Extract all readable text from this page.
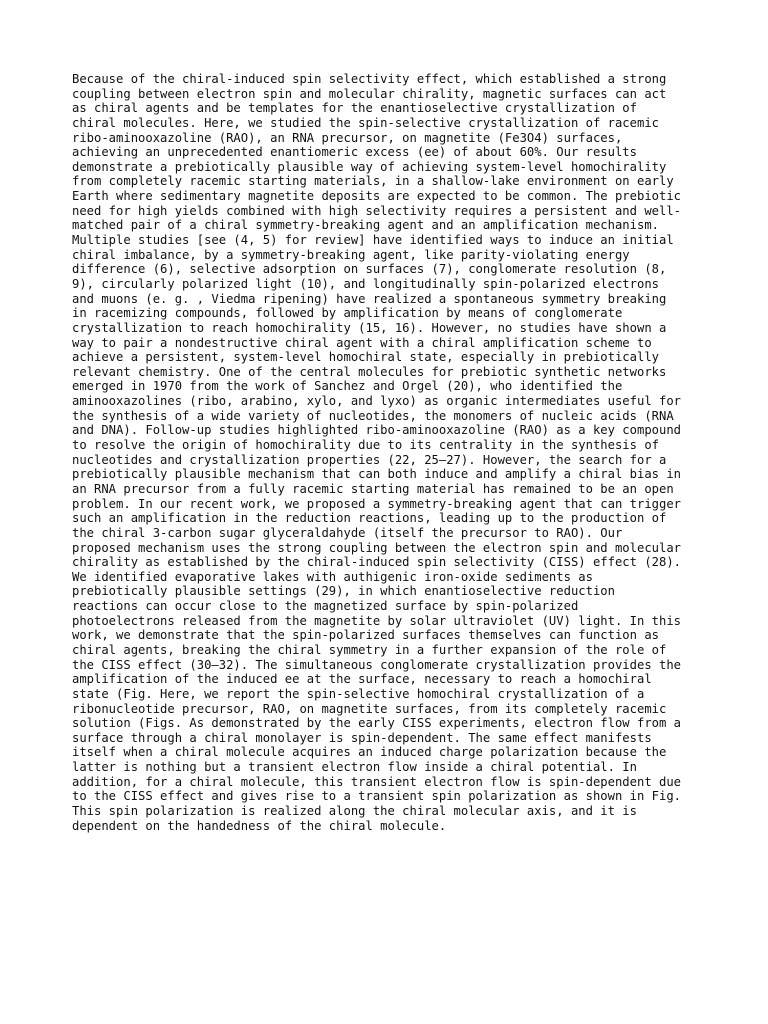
Because of the chiral-induced spin selectivity effect, which established a strong
coupling between electron spin and molecular chirality, magnetic surfaces can act
as chiral agents and be templates for the enantioselective crystallization of
chiral molecules. Here, we studied the spin-selective crystallization of racemic
ribo-aminooxazoline (RAO), an RNA precursor, on magnetite (Fe3O4) surfaces,
achieving an unprecedented enantiomeric excess (ee) of about 60%. Our results
demonstrate a prebiotically plausible way of achieving system-level homochirality
from completely racemic starting materials, in a shallow-lake environment on early
Earth where sedimentary magnetite deposits are expected to be common. The prebiotic
need for high yields combined with high selectivity requires a persistent and well-
matched pair of a chiral symmetry-breaking agent and an amplification mechanism.
Multiple studies [see (4, 5) for review] have identified ways to induce an initial
chiral imbalance, by a symmetry-breaking agent, like parity-violating energy
difference (6), selective adsorption on surfaces (7), conglomerate resolution (8,
9), circularly polarized light (10), and longitudinally spin-polarized electrons
and muons (e. g. , Viedma ripening) have realized a spontaneous symmetry breaking
in racemizing compounds, followed by amplification by means of conglomerate
crystallization to reach homochirality (15, 16). However, no studies have shown a
way to pair a nondestructive chiral agent with a chiral amplification scheme to
achieve a persistent, system-level homochiral state, especially in prebiotically
relevant chemistry. One of the central molecules for prebiotic synthetic networks
emerged in 1970 from the work of Sanchez and Orgel (20), who identified the
aminooxazolines (ribo, arabino, xylo, and lyxo) as organic intermediates useful for
the synthesis of a wide variety of nucleotides, the monomers of nucleic acids (RNA
and DNA). Follow-up studies highlighted ribo-aminooxazoline (RAO) as a key compound
to resolve the origin of homochirality due to its centrality in the synthesis of
nucleotides and crystallization properties (22, 25–27). However, the search for a
prebiotically plausible mechanism that can both induce and amplify a chiral bias in
an RNA precursor from a fully racemic starting material has remained to be an open
problem. In our recent work, we proposed a symmetry-breaking agent that can trigger
such an amplification in the reduction reactions, leading up to the production of
the chiral 3-carbon sugar glyceraldahyde (itself the precursor to RAO). Our
proposed mechanism uses the strong coupling between the electron spin and molecular
chirality as established by the chiral-induced spin selectivity (CISS) effect (28).
We identified evaporative lakes with authigenic iron-oxide sediments as
prebiotically plausible settings (29), in which enantioselective reduction
reactions can occur close to the magnetized surface by spin-polarized
photoelectrons released from the magnetite by solar ultraviolet (UV) light. In this
work, we demonstrate that the spin-polarized surfaces themselves can function as
chiral agents, breaking the chiral symmetry in a further expansion of the role of
the CISS effect (30–32). The simultaneous conglomerate crystallization provides the
amplification of the induced ee at the surface, necessary to reach a homochiral
state (Fig. Here, we report the spin-selective homochiral crystallization of a
ribonucleotide precursor, RAO, on magnetite surfaces, from its completely racemic
solution (Figs. As demonstrated by the early CISS experiments, electron flow from a
surface through a chiral monolayer is spin-dependent. The same effect manifests
itself when a chiral molecule acquires an induced charge polarization because the
latter is nothing but a transient electron flow inside a chiral potential. In
addition, for a chiral molecule, this transient electron flow is spin-dependent due
to the CISS effect and gives rise to a transient spin polarization as shown in Fig.
This spin polarization is realized along the chiral molecular axis, and it is
dependent on the handedness of the chiral molecule.
